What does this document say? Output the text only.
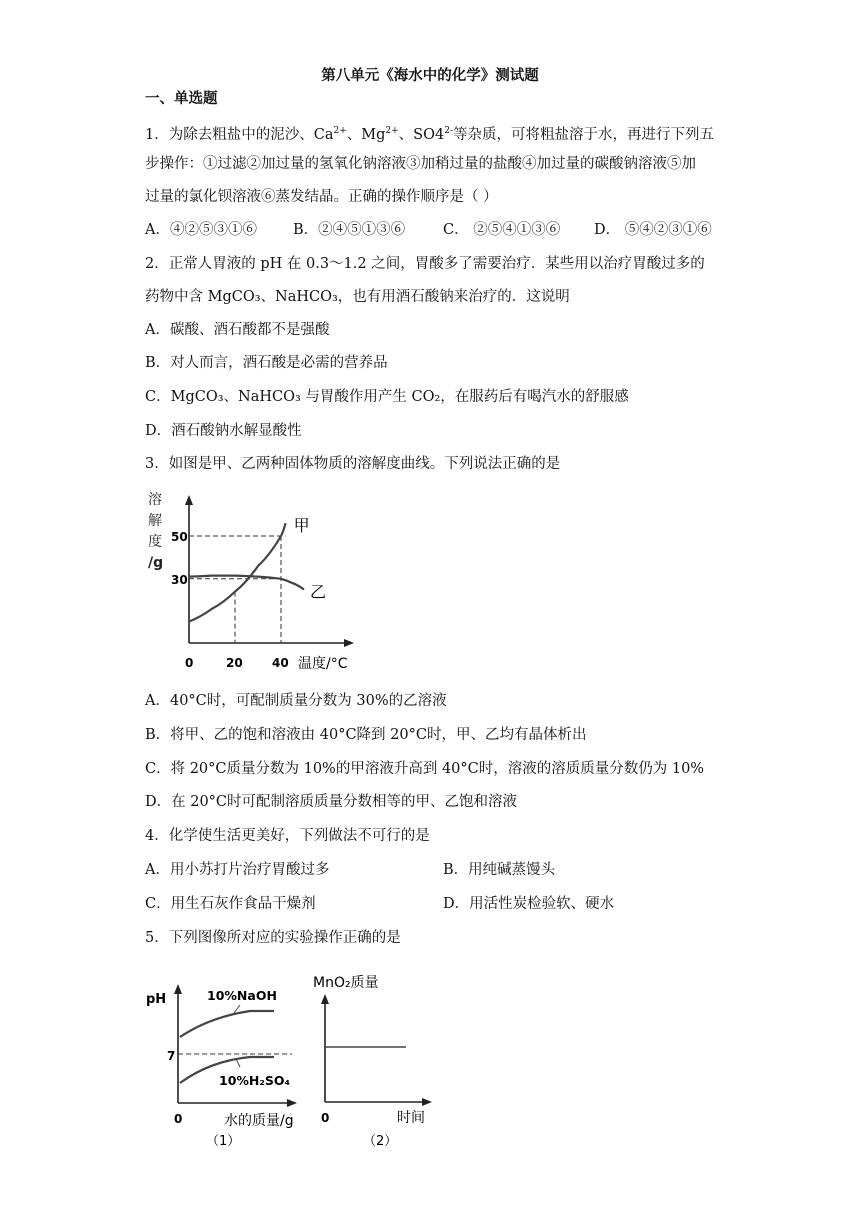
第八单元《海水中的化学》测试题
一、单选题
1．为除去粗盐中的泥沙、$Ca^{2+}$、$Mg^{2+}$、$SO4^{2-}$等杂质，可将粗盐溶于水，再进行下列五
步操作：①过滤②加过量的氢氧化钠溶液③加稍过量的盐酸④加过量的碳酸钠溶液⑤加
过量的氯化钡溶液⑥蒸发结晶。正确的操作顺序是（ ）
A．④②⑤③①⑥ B．②④⑤①③⑥	C． ②⑤④①③⑥ D． ⑤④②③①⑥
2．正常人胃液的 pH 在 0.3～1.2 之间，胃酸多了需要治疗．某些用以治疗胃酸过多的
药物中含 MgCO₃、NaHCO₃，也有用酒石酸钠来治疗的．这说明
A．碳酸、酒石酸都不是强酸
B．对人而言，酒石酸是必需的营养品
C．MgCO₃、NaHCO₃ 与胃酸作用产生 CO₂，在服药后有喝汽水的舒服感
D．酒石酸钠水解显酸性
3．如图是甲、乙两种固体物质的溶解度曲线。下列说法正确的是
溶
解
度
/g
50
30
0	20 40 温度/°C
甲
乙
A．40°C时，可配制质量分数为 30%的乙溶液
B．将甲、乙的饱和溶液由 40°C降到 20°C时，甲、乙均有晶体析出
C．将 20°C质量分数为 10%的甲溶液升高到 40°C时，溶液的溶质质量分数仍为 10%
D．在 20°C时可配制溶质质量分数相等的甲、乙饱和溶液
4．化学使生活更美好，下列做法不可行的是
A．用小苏打片治疗胃酸过多	B．用纯碱蒸馒头
C．用生石灰作食品干燥剂	D．用活性炭检验软、硬水
5．下列图像所对应的实验操作正确的是
pH
7
0	水的质量/g
（1）
10%NaOH
10%H₂SO₄
MnO₂质量
0	时间
（2）
